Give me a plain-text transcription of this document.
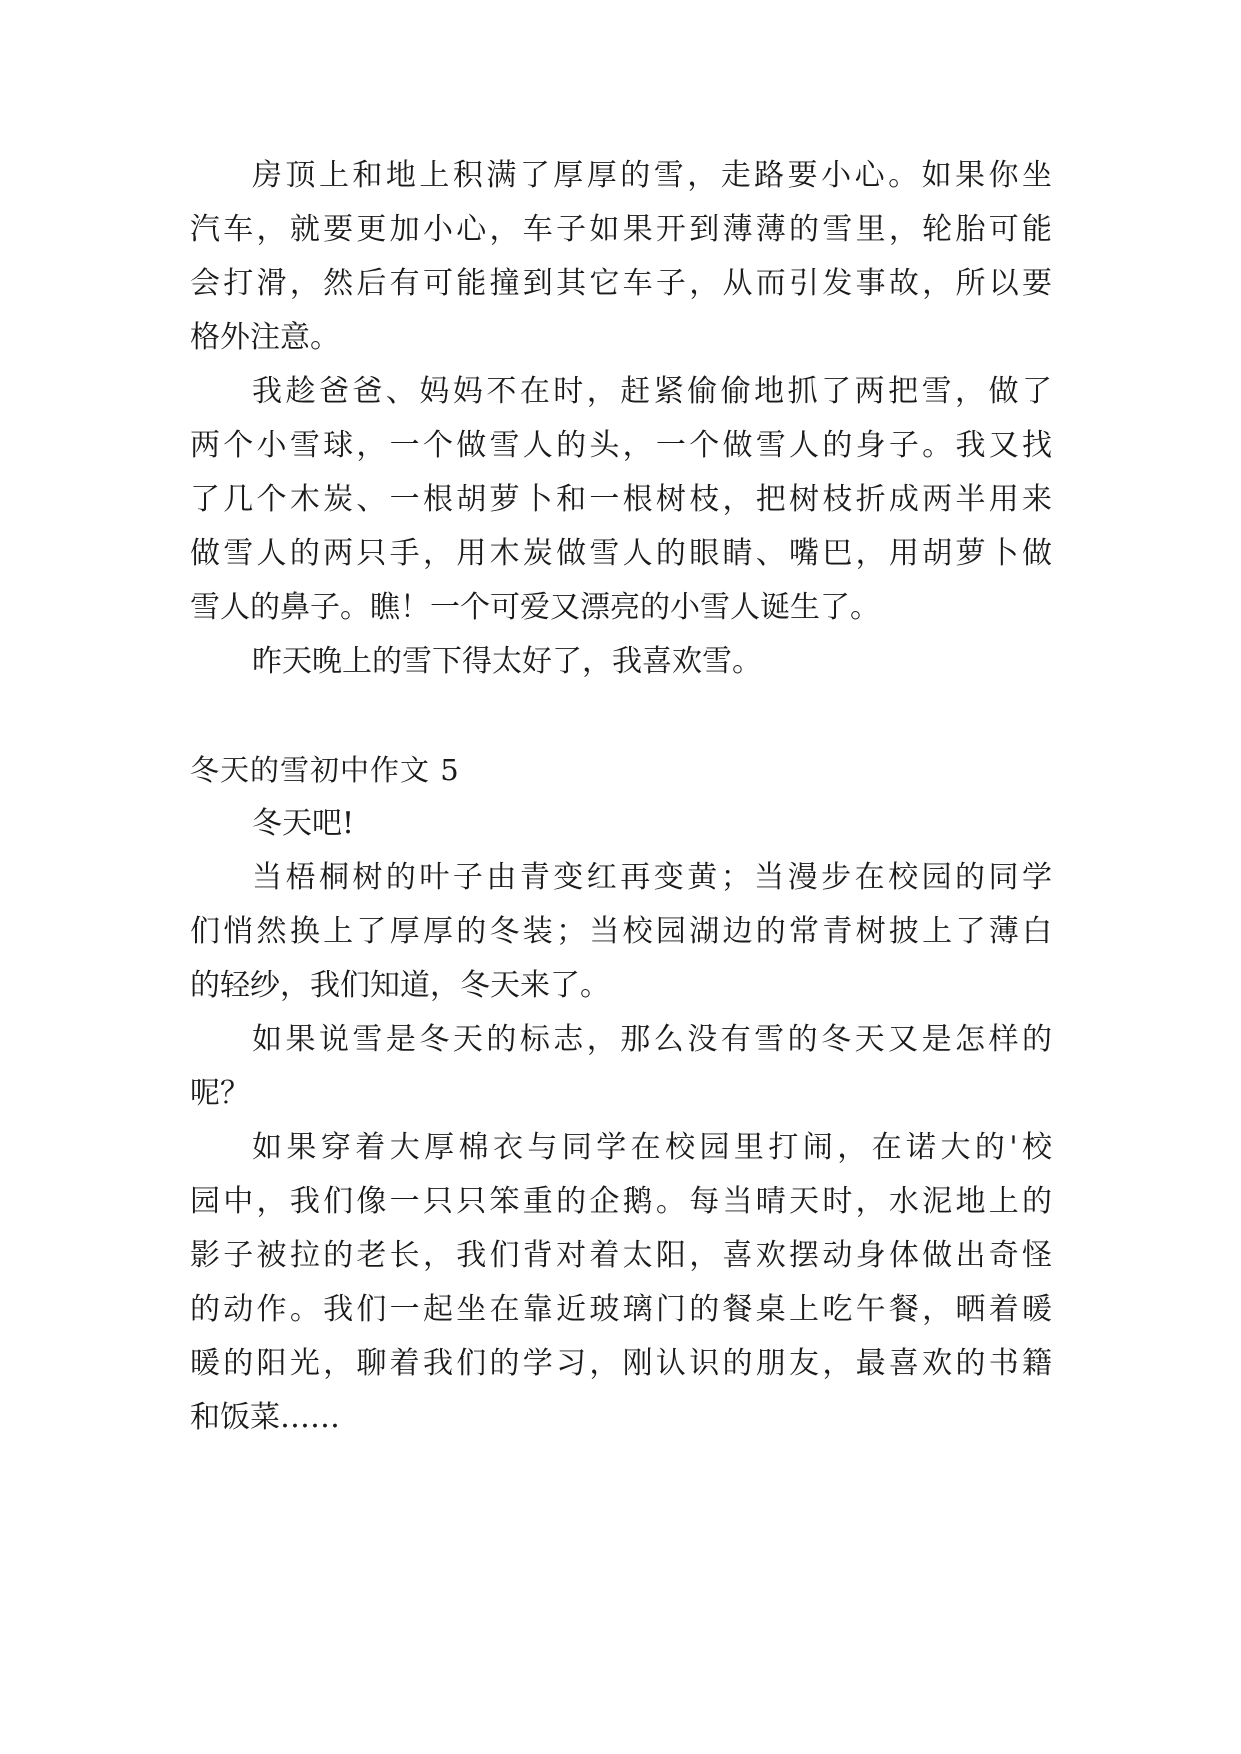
房顶上和地上积满了厚厚的雪，走路要小心。如果你坐
汽车，就要更加小心，车子如果开到薄薄的雪里，轮胎可能
会打滑，然后有可能撞到其它车子，从而引发事故，所以要
格外注意。
我趁爸爸、妈妈不在时，赶紧偷偷地抓了两把雪，做了
两个小雪球，一个做雪人的头，一个做雪人的身子。我又找
了几个木炭、一根胡萝卜和一根树枝，把树枝折成两半用来
做雪人的两只手，用木炭做雪人的眼睛、嘴巴，用胡萝卜做
雪人的鼻子。瞧！一个可爱又漂亮的小雪人诞生了。
昨天晚上的雪下得太好了，我喜欢雪。
冬天的雪初中作文 5
冬天吧!
当梧桐树的叶子由青变红再变黄；当漫步在校园的同学
们悄然换上了厚厚的冬装；当校园湖边的常青树披上了薄白
的轻纱，我们知道，冬天来了。
如果说雪是冬天的标志，那么没有雪的冬天又是怎样的
呢？
如果穿着大厚棉衣与同学在校园里打闹，在诺大的'校
园中，我们像一只只笨重的企鹅。每当晴天时，水泥地上的
影子被拉的老长，我们背对着太阳，喜欢摆动身体做出奇怪
的动作。我们一起坐在靠近玻璃门的餐桌上吃午餐，晒着暖
暖的阳光，聊着我们的学习，刚认识的朋友，最喜欢的书籍
和饭菜……
